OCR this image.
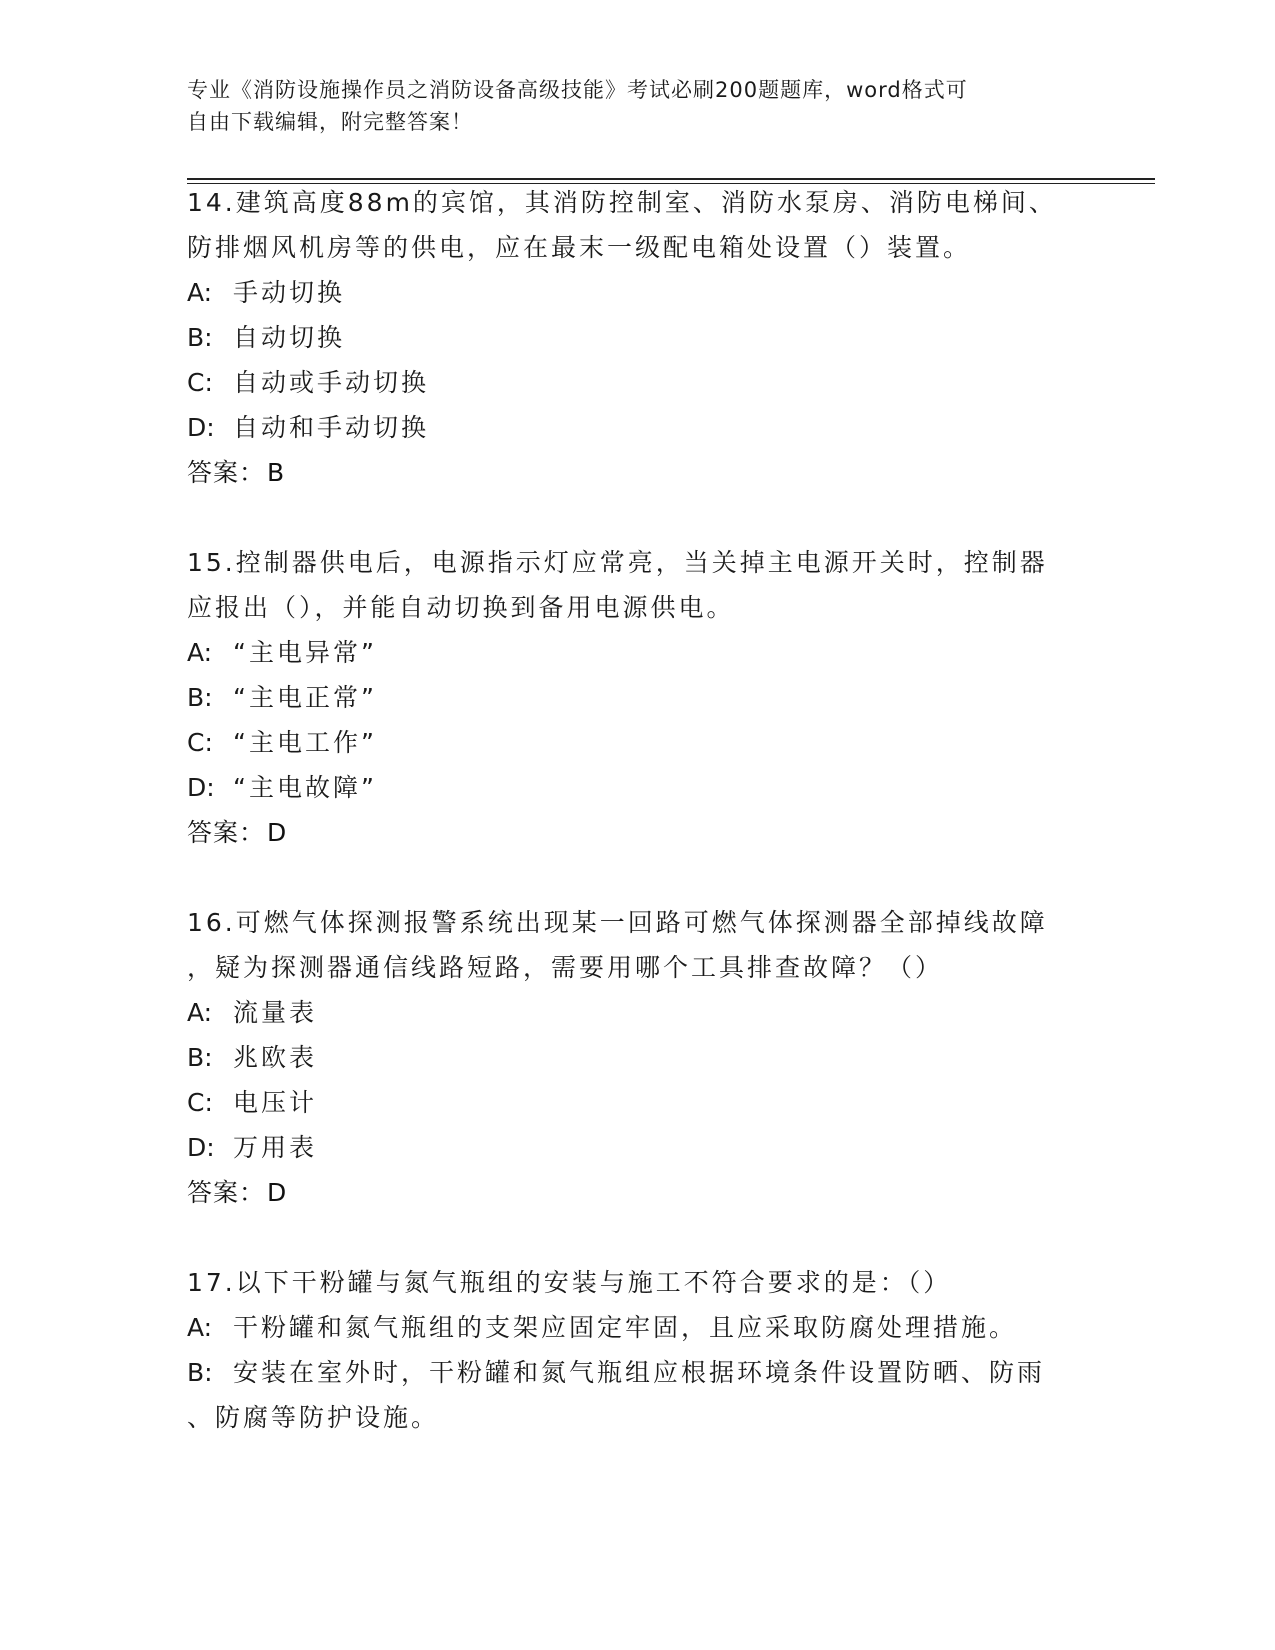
专业《消防设施操作员之消防设备高级技能》考试必刷200题题库，word格式可
自由下载编辑，附完整答案！
14.建筑高度88m的宾馆，其消防控制室、消防水泵房、消防电梯间、
防排烟风机房等的供电，应在最末一级配电箱处设置（）装置。
A: 手动切换
B: 自动切换
C: 自动或手动切换
D: 自动和手动切换
答案：B
15.控制器供电后，电源指示灯应常亮，当关掉主电源开关时，控制器
应报出（），并能自动切换到备用电源供电。
A: “主电异常”
B: “主电正常”
C: “主电工作”
D: “主电故障”
答案：D
16.可燃气体探测报警系统出现某一回路可燃气体探测器全部掉线故障
，疑为探测器通信线路短路，需要用哪个工具排查故障？（）
A: 流量表
B: 兆欧表
C: 电压计
D: 万用表
答案：D
17.以下干粉罐与氮气瓶组的安装与施工不符合要求的是：（）
A: 干粉罐和氮气瓶组的支架应固定牢固，且应采取防腐处理措施。
B: 安装在室外时，干粉罐和氮气瓶组应根据环境条件设置防晒、防雨
、防腐等防护设施。
